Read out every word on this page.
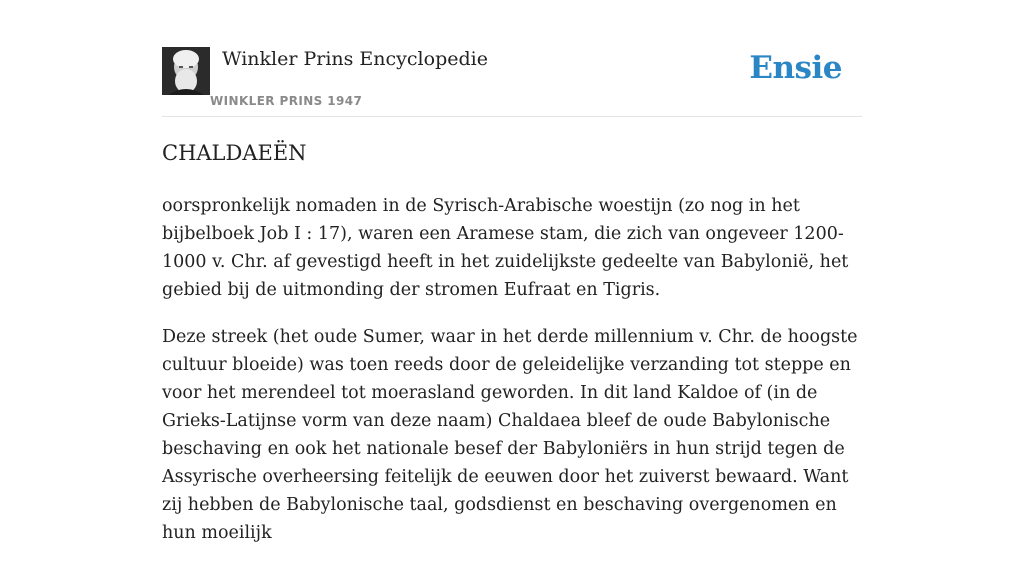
Winkler Prins Encyclopedie
WINKLER PRINS 1947
Ensie
CHALDAEËN

oorspronkelijk nomaden in de Syrisch-Arabische woestijn (zo nog in het bijbelboek Job I : 17), waren een Aramese stam, die zich van ongeveer 1200-1000 v. Chr. af gevestigd heeft in het zuidelijkste gedeelte van Babylonië, het gebied bij de uitmonding der stromen Eufraat en Tigris.

Deze streek (het oude Sumer, waar in het derde millennium v. Chr. de hoogste cultuur bloeide) was toen reeds door de geleidelijke verzanding tot steppe en voor het merendeel tot moerasland geworden. In dit land Kaldoe of (in de Grieks-Latijnse vorm van deze naam) Chaldaea bleef de oude Babylonische beschaving en ook het nationale besef der Babyloniërs in hun strijd tegen de Assyrische overheersing feitelijk de eeuwen door het zuiverst bewaard. Want zij hebben de Babylonische taal, godsdienst en beschaving overgenomen en hun moeilijk
